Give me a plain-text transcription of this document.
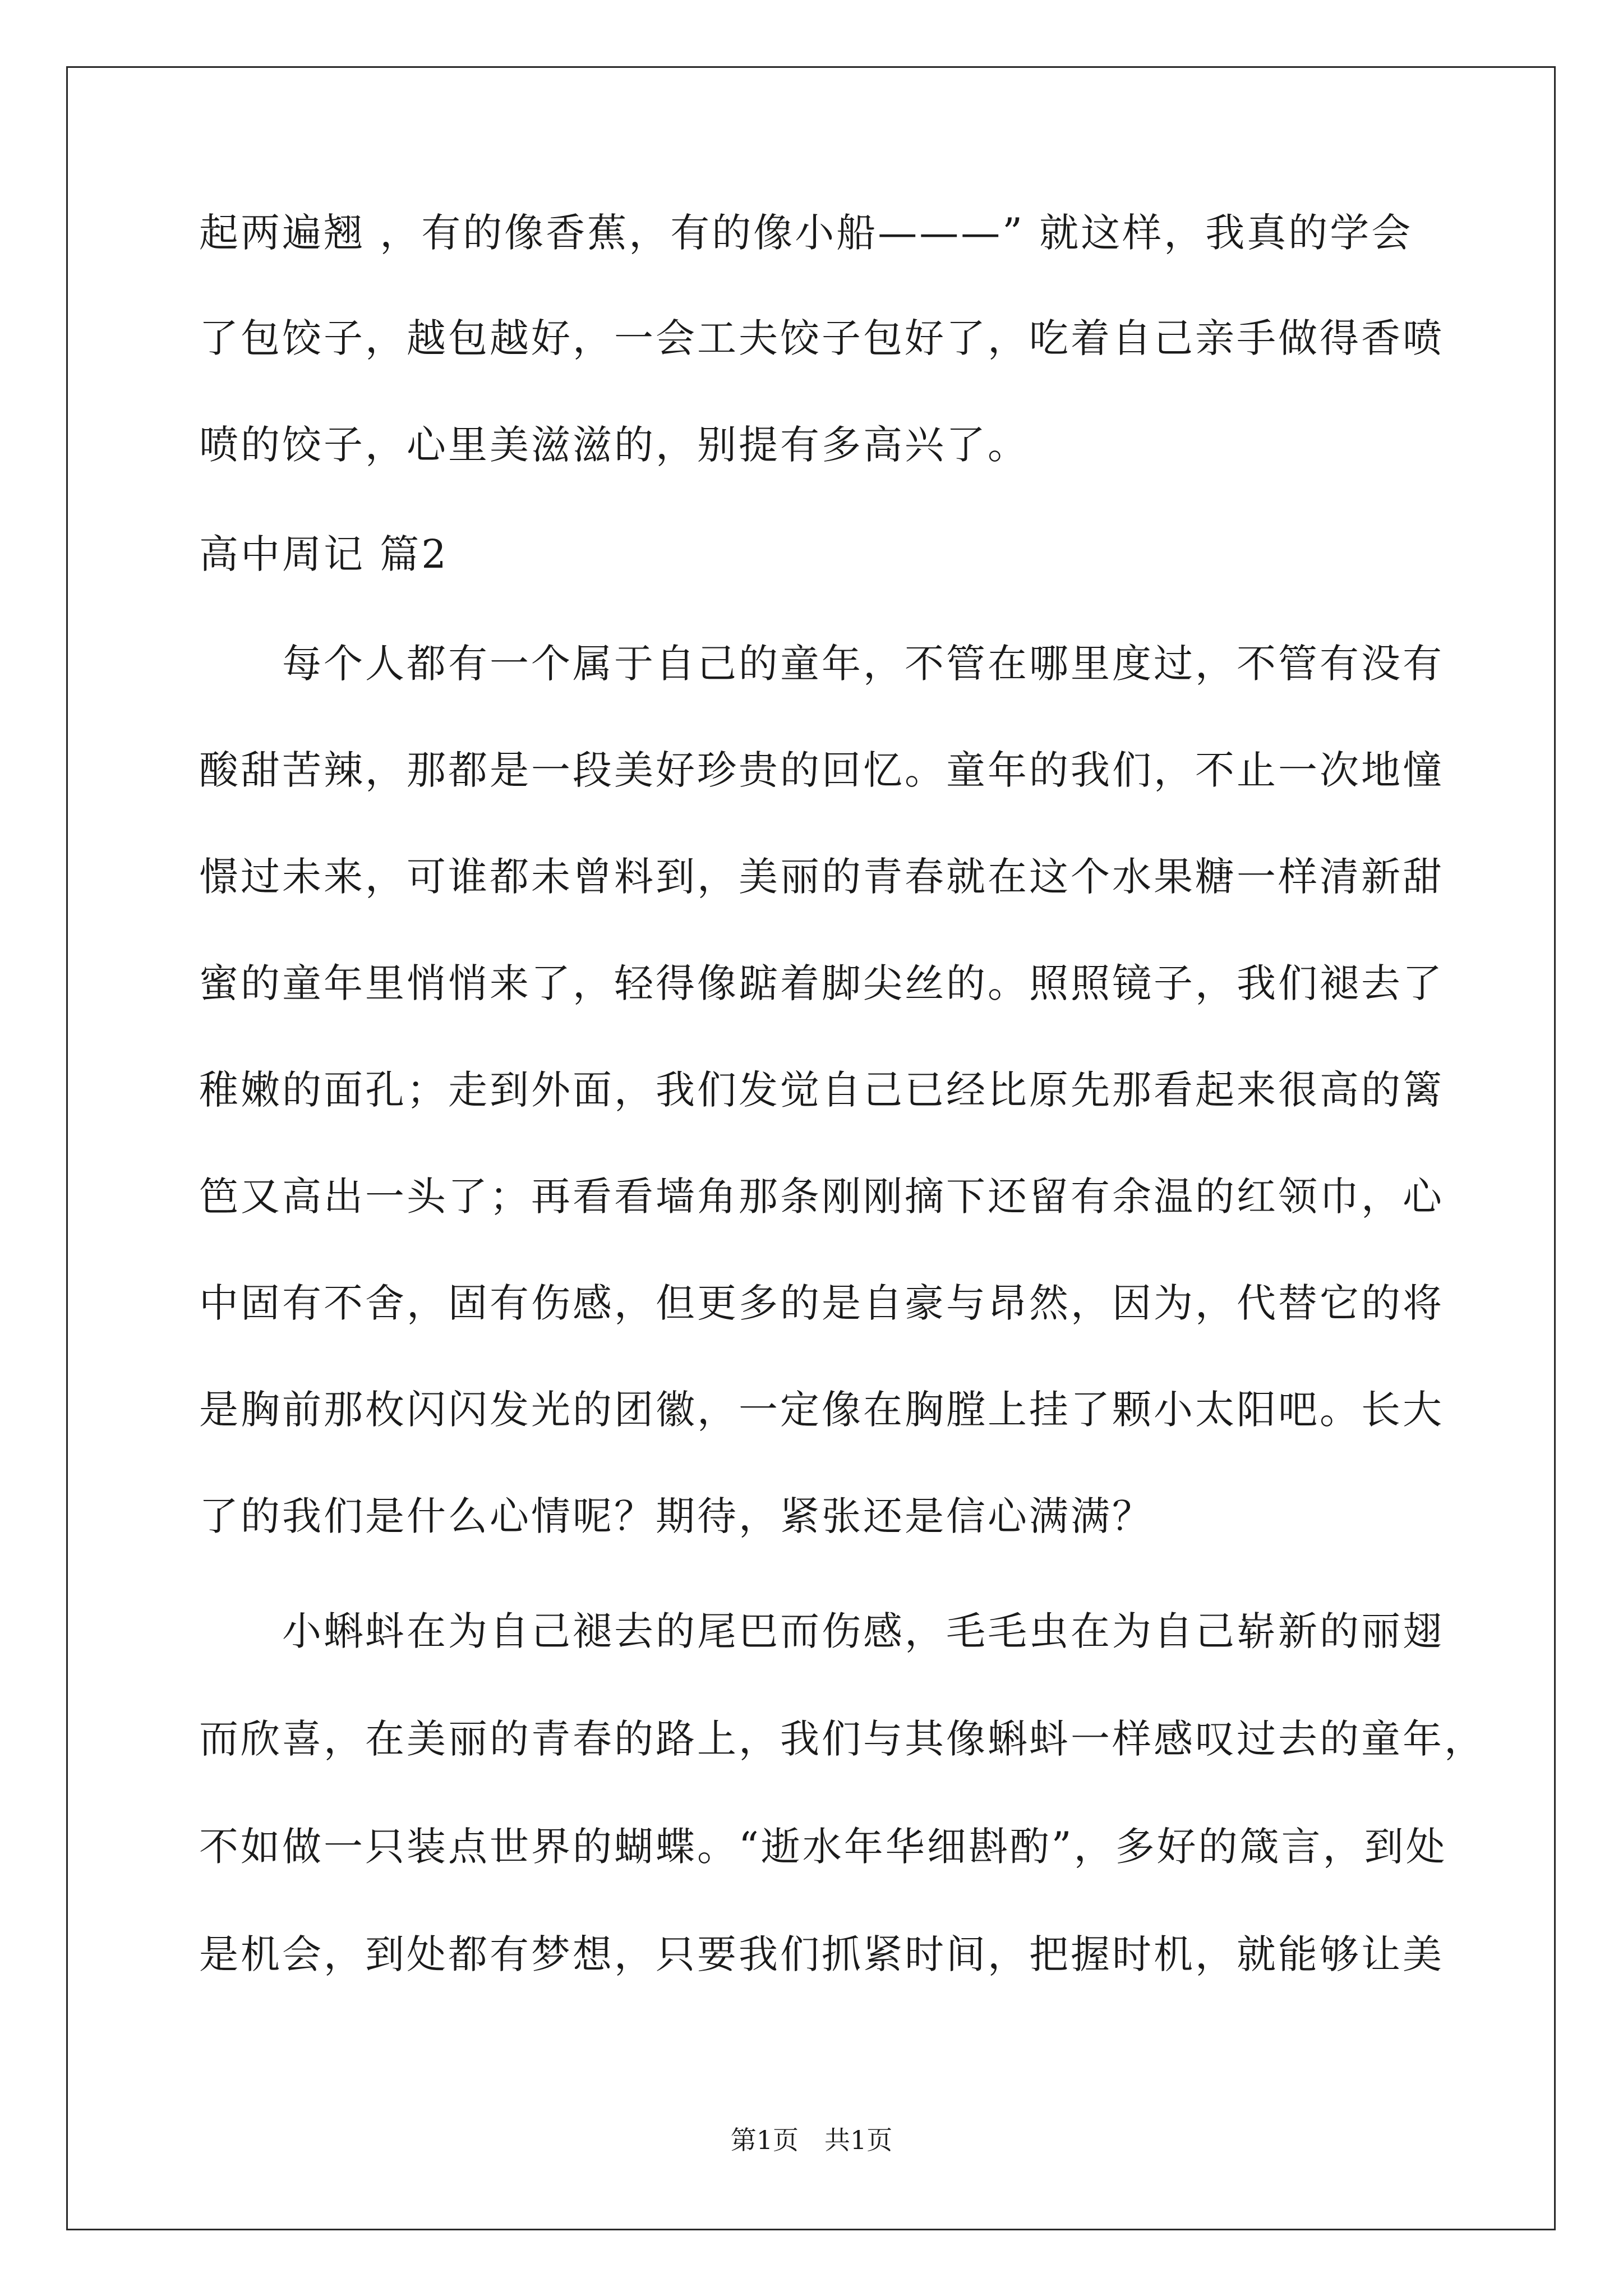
起两遍翘 ，有的像香蕉，有的像小船———” 就这样，我真的学会
了包饺子，越包越好，一会工夫饺子包好了，吃着自己亲手做得香喷
喷的饺子，心里美滋滋的，别提有多高兴了。
高中周记 篇2
　　每个人都有一个属于自己的童年，不管在哪里度过，不管有没有
酸甜苦辣，那都是一段美好珍贵的回忆。童年的我们，不止一次地憧
憬过未来，可谁都未曾料到，美丽的青春就在这个水果糖一样清新甜
蜜的童年里悄悄来了，轻得像踮着脚尖丝的。照照镜子，我们褪去了
稚嫩的面孔；走到外面，我们发觉自己已经比原先那看起来很高的篱
笆又高出一头了；再看看墙角那条刚刚摘下还留有余温的红领巾，心
中固有不舍，固有伤感，但更多的是自豪与昂然，因为，代替它的将
是胸前那枚闪闪发光的团徽，一定像在胸膛上挂了颗小太阳吧。长大
了的我们是什么心情呢？期待，紧张还是信心满满？
　　小蝌蚪在为自己褪去的尾巴而伤感，毛毛虫在为自己崭新的丽翅
而欣喜，在美丽的青春的路上，我们与其像蝌蚪一样感叹过去的童年，
不如做一只装点世界的蝴蝶。“逝水年华细斟酌”，多好的箴言，到处
是机会，到处都有梦想，只要我们抓紧时间，把握时机，就能够让美
第1页　共1页
